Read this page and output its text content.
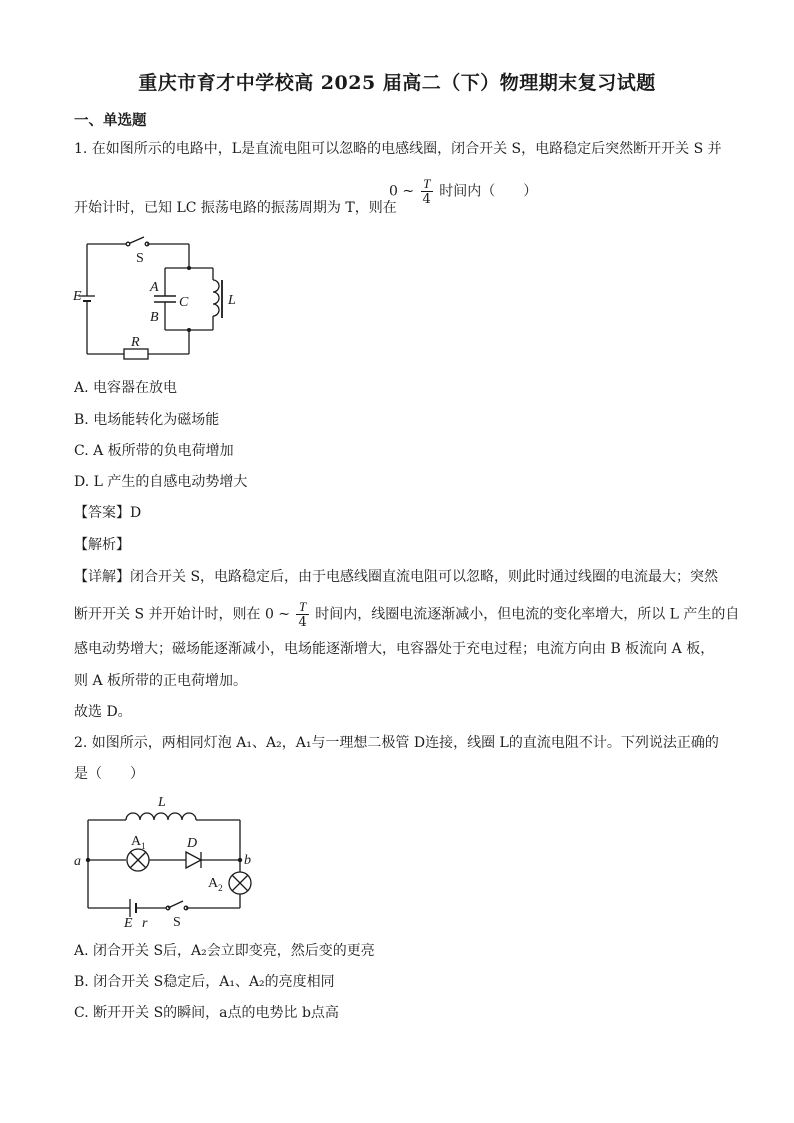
重庆市育才中学校高 2025 届高二（下）物理期末复习试题
一、单选题
1. 在如图所示的电路中，L是直流电阻可以忽略的电感线圈，闭合开关 S，电路稳定后突然断开开关 S 并
开始计时，已知 LC 振荡电路的振荡周期为 T，则在
0 ~ $\frac{T}{4}$ 时间内（　　）
S
A
C
B
L
E
R
A. 电容器在放电
B. 电场能转化为磁场能
C. A 板所带的负电荷增加
D. L 产生的自感电动势增大
【答案】D
【解析】
【详解】闭合开关 S，电路稳定后，由于电感线圈直流电阻可以忽略，则此时通过线圈的电流最大；突然
断开开关 S 并开始计时，则在 0 ~ $\frac{T}{4}$ 时间内，线圈电流逐渐减小，但电流的变化率增大，所以 L 产生的自
感电动势增大；磁场能逐渐减小，电场能逐渐增大，电容器处于充电过程；电流方向由 B 板流向 A 板，
则 A 板所带的正电荷增加。
故选 D。
2. 如图所示，两相同灯泡 A₁、A₂，A₁与一理想二极管 D连接，线圈 L的直流电阻不计。下列说法正确的
是（　　）
L
$A_1$	D
a	b
$A_2$
E r S
A. 闭合开关 S后，A₂会立即变亮，然后变的更亮
B. 闭合开关 S稳定后，A₁、A₂的亮度相同
C. 断开开关 S的瞬间，a点的电势比 b点高
